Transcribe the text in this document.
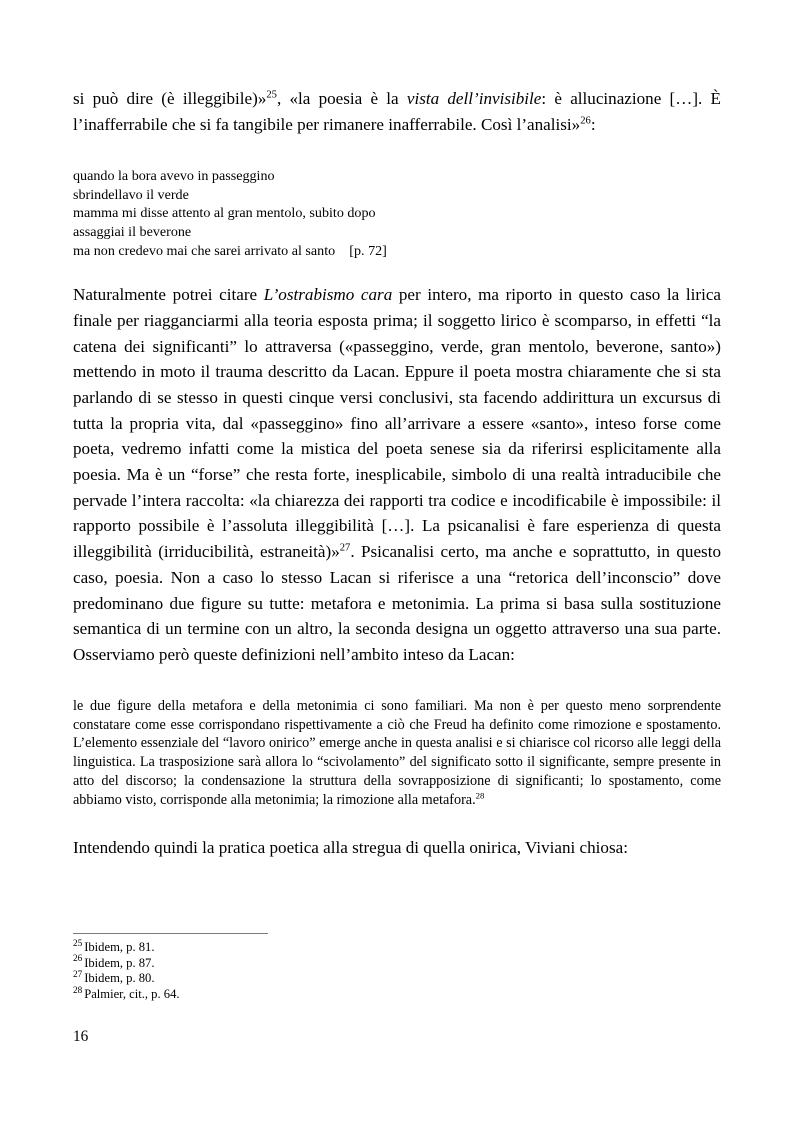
si può dire (è illeggibile)»$^{25}$, «la poesia è la vista dell’invisibile: è allucinazione […]. È l’inafferrabile che si fa tangibile per rimanere inafferrabile. Così l’analisi»$^{26}$:

quando la bora avevo in passeggino
sbrindellavo il verde
mamma mi disse attento al gran mentolo, subito dopo
assaggiai il beverone
ma non credevo mai che sarei arrivato al santo    [p. 72]

Naturalmente potrei citare L’ostrabismo cara per intero, ma riporto in questo caso la lirica finale per riagganciarmi alla teoria esposta prima; il soggetto lirico è scomparso, in effetti “la catena dei significanti” lo attraversa («passeggino, verde, gran mentolo, beverone, santo») mettendo in moto il trauma descritto da Lacan. Eppure il poeta mostra chiaramente che si sta parlando di se stesso in questi cinque versi conclusivi, sta facendo addirittura un excursus di tutta la propria vita, dal «passeggino» fino all’arrivare a essere «santo», inteso forse come poeta, vedremo infatti come la mistica del poeta senese sia da riferirsi esplicitamente alla poesia. Ma è un “forse” che resta forte, inesplicabile, simbolo di una realtà intraducibile che pervade l’intera raccolta: «la chiarezza dei rapporti tra codice e incodificabile è impossibile: il rapporto possibile è l’assoluta illeggibilità […]. La psicanalisi è fare esperienza di questa illeggibilità (irriducibilità, estraneità)»$^{27}$. Psicanalisi certo, ma anche e soprattutto, in questo caso, poesia. Non a caso lo stesso Lacan si riferisce a una “retorica dell’inconscio” dove predominano due figure su tutte: metafora e metonimia. La prima si basa sulla sostituzione semantica di un termine con un altro, la seconda designa un oggetto attraverso una sua parte. Osserviamo però queste definizioni nell’ambito inteso da Lacan:

le due figure della metafora e della metonimia ci sono familiari. Ma non è per questo meno sorprendente constatare come esse corrispondano rispettivamente a ciò che Freud ha definito come rimozione e spostamento. L’elemento essenziale del “lavoro onirico” emerge anche in questa analisi e si chiarisce col ricorso alle leggi della linguistica. La trasposizione sarà allora lo “scivolamento” del significato sotto il significante, sempre presente in atto del discorso; la condensazione la struttura della sovrapposizione di significanti; lo spostamento, come abbiamo visto, corrisponde alla metonimia; la rimozione alla metafora.$^{28}$

Intendendo quindi la pratica poetica alla stregua di quella onirica, Viviani chiosa:

$^{25}$ Ibidem, p. 81.

$^{26}$ Ibidem, p. 87.

$^{27}$ Ibidem, p. 80.

$^{28}$ Palmier, cit., p. 64.

16
